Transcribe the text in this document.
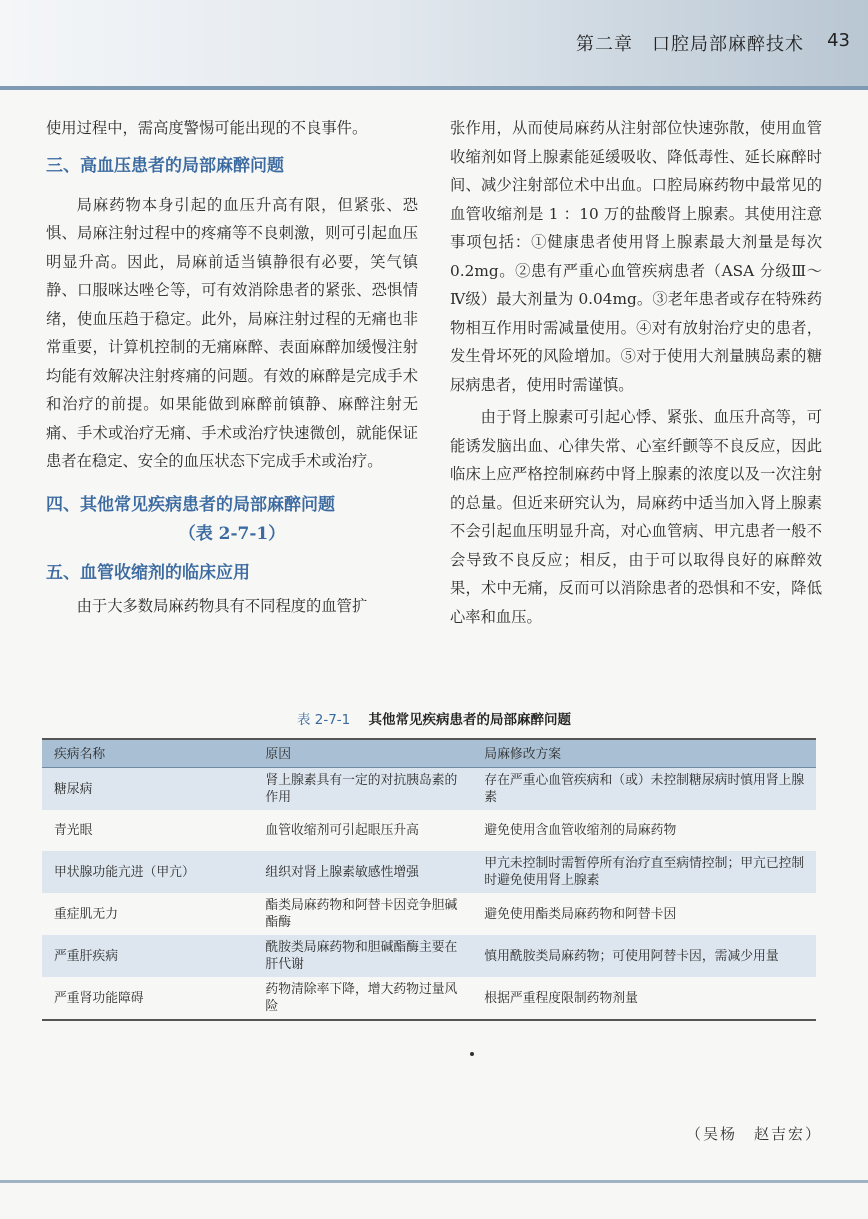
第二章　口腔局部麻醉技术 43

使用过程中，需高度警惕可能出现的不良事件。

三、高血压患者的局部麻醉问题

局麻药物本身引起的血压升高有限，但紧张、恐惧、局麻注射过程中的疼痛等不良刺激，则可引起血压明显升高。因此，局麻前适当镇静很有必要，笑气镇静、口服咪达唑仑等，可有效消除患者的紧张、恐惧情绪，使血压趋于稳定。此外，局麻注射过程的无痛也非常重要，计算机控制的无痛麻醉、表面麻醉加缓慢注射均能有效解决注射疼痛的问题。有效的麻醉是完成手术和治疗的前提。如果能做到麻醉前镇静、麻醉注射无痛、手术或治疗无痛、手术或治疗快速微创，就能保证患者在稳定、安全的血压状态下完成手术或治疗。

四、其他常见疾病患者的局部麻醉问题
（表 2-7-1）
五、血管收缩剂的临床应用

由于大多数局麻药物具有不同程度的血管扩

张作用，从而使局麻药从注射部位快速弥散，使用血管收缩剂如肾上腺素能延缓吸收、降低毒性、延长麻醉时间、减少注射部位术中出血。口腔局麻药物中最常见的血管收缩剂是 1 ：10 万的盐酸肾上腺素。其使用注意事项包括：①健康患者使用肾上腺素最大剂量是每次 0.2mg。②患有严重心血管疾病患者（ASA 分级Ⅲ～Ⅳ级）最大剂量为 0.04mg。③老年患者或存在特殊药物相互作用时需减量使用。④对有放射治疗史的患者，发生骨坏死的风险增加。⑤对于使用大剂量胰岛素的糖尿病患者，使用时需谨慎。

由于肾上腺素可引起心悸、紧张、血压升高等，可能诱发脑出血、心律失常、心室纤颤等不良反应，因此临床上应严格控制麻药中肾上腺素的浓度以及一次注射的总量。但近来研究认为，局麻药中适当加入肾上腺素不会引起血压明显升高，对心血管病、甲亢患者一般不会导致不良反应；相反，由于可以取得良好的麻醉效果，术中无痛，反而可以消除患者的恐惧和不安，降低心率和血压。

表 2-7-1 其他常见疾病患者的局部麻醉问题
疾病名称	原因	局麻修改方案
糖尿病	肾上腺素具有一定的对抗胰岛素的作用	存在严重心血管疾病和（或）未控制糖尿病时慎用肾上腺素
青光眼	血管收缩剂可引起眼压升高	避免使用含血管收缩剂的局麻药物
甲状腺功能亢进（甲亢）	组织对肾上腺素敏感性增强	甲亢未控制时需暂停所有治疗直至病情控制；甲亢已控制时避免使用肾上腺素
重症肌无力	酯类局麻药物和阿替卡因竞争胆碱酯酶	避免使用酯类局麻药物和阿替卡因
严重肝疾病	酰胺类局麻药物和胆碱酯酶主要在肝代谢	慎用酰胺类局麻药物；可使用阿替卡因，需减少用量
严重肾功能障碍	药物清除率下降，增大药物过量风险	根据严重程度限制药物剂量
（吴杨　赵吉宏）
